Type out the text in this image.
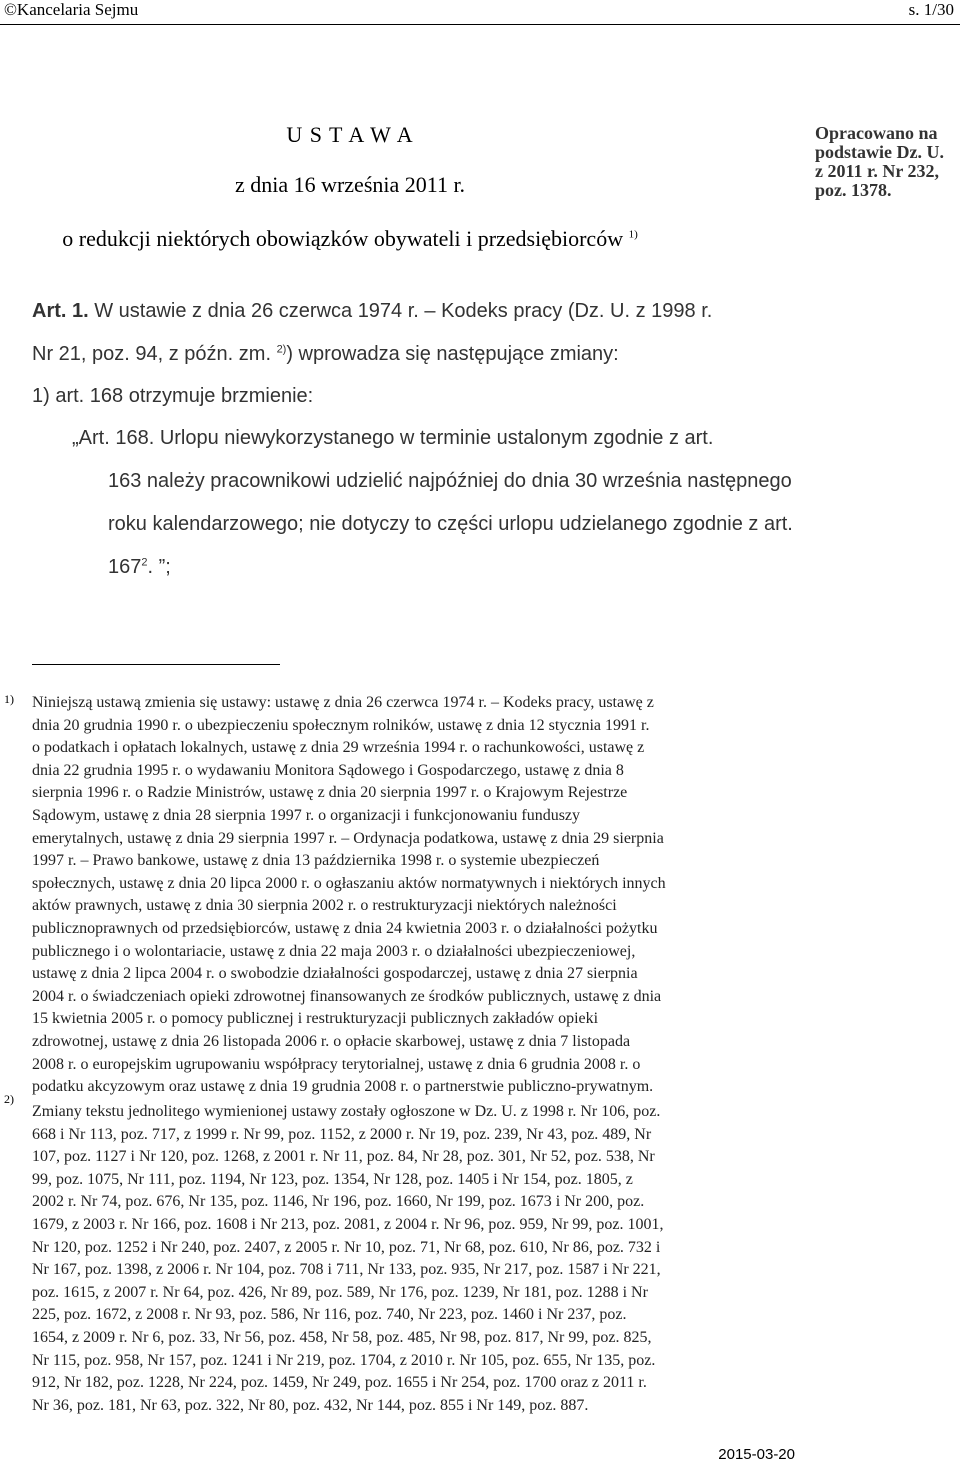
©Kancelaria Sejmu	s. 1/30
U S T A W A
z dnia 16 września 2011 r.
o redukcji niektórych obowiązków obywateli i przedsiębiorców $^{1)}$
Opracowano na
podstawie Dz. U.
z 2011 r. Nr 232,
poz. 1378.
Art. 1. W ustawie z dnia 26 czerwca 1974 r. – Kodeks pracy (Dz. U. z 1998 r.
Nr 21, poz. 94, z późn. zm. $^{2)}$) wprowadza się następujące zmiany:
1) art. 168 otrzymuje brzmienie:
„Art. 168. Urlopu niewykorzystanego w terminie ustalonym zgodnie z art.
163 należy pracownikowi udzielić najpóźniej do dnia 30 września następnego
roku kalendarzowego; nie dotyczy to części urlopu udzielanego zgodnie z art.
$167^2$. ”;
1) Niniejszą ustawą zmienia się ustawy: ustawę z dnia 26 czerwca 1974 r. – Kodeks pracy, ustawę z
dnia 20 grudnia 1990 r. o ubezpieczeniu społecznym rolników, ustawę z dnia 12 stycznia 1991 r.
o podatkach i opłatach lokalnych, ustawę z dnia 29 września 1994 r. o rachunkowości, ustawę z
dnia 22 grudnia 1995 r. o wydawaniu Monitora Sądowego i Gospodarczego, ustawę z dnia 8
sierpnia 1996 r. o Radzie Ministrów, ustawę z dnia 20 sierpnia 1997 r. o Krajowym Rejestrze
Sądowym, ustawę z dnia 28 sierpnia 1997 r. o organizacji i funkcjonowaniu funduszy
emerytalnych, ustawę z dnia 29 sierpnia 1997 r. – Ordynacja podatkowa, ustawę z dnia 29 sierpnia
1997 r. – Prawo bankowe, ustawę z dnia 13 października 1998 r. o systemie ubezpieczeń
społecznych, ustawę z dnia 20 lipca 2000 r. o ogłaszaniu aktów normatywnych i niektórych innych
aktów prawnych, ustawę z dnia 30 sierpnia 2002 r. o restrukturyzacji niektórych należności
publicznoprawnych od przedsiębiorców, ustawę z dnia 24 kwietnia 2003 r. o działalności pożytku
publicznego i o wolontariacie, ustawę z dnia 22 maja 2003 r. o działalności ubezpieczeniowej,
ustawę z dnia 2 lipca 2004 r. o swobodzie działalności gospodarczej, ustawę z dnia 27 sierpnia
2004 r. o świadczeniach opieki zdrowotnej finansowanych ze środków publicznych, ustawę z dnia
15 kwietnia 2005 r. o pomocy publicznej i restrukturyzacji publicznych zakładów opieki
zdrowotnej, ustawę z dnia 26 listopada 2006 r. o opłacie skarbowej, ustawę z dnia 7 listopada
2008 r. o europejskim ugrupowaniu współpracy terytorialnej, ustawę z dnia 6 grudnia 2008 r. o
podatku akcyzowym oraz ustawę z dnia 19 grudnia 2008 r. o partnerstwie publiczno-prywatnym.
2)
Zmiany tekstu jednolitego wymienionej ustawy zostały ogłoszone w Dz. U. z 1998 r. Nr 106, poz.
668 i Nr 113, poz. 717, z 1999 r. Nr 99, poz. 1152, z 2000 r. Nr 19, poz. 239, Nr 43, poz. 489, Nr
107, poz. 1127 i Nr 120, poz. 1268, z 2001 r. Nr 11, poz. 84, Nr 28, poz. 301, Nr 52, poz. 538, Nr
99, poz. 1075, Nr 111, poz. 1194, Nr 123, poz. 1354, Nr 128, poz. 1405 i Nr 154, poz. 1805, z
2002 r. Nr 74, poz. 676, Nr 135, poz. 1146, Nr 196, poz. 1660, Nr 199, poz. 1673 i Nr 200, poz.
1679, z 2003 r. Nr 166, poz. 1608 i Nr 213, poz. 2081, z 2004 r. Nr 96, poz. 959, Nr 99, poz. 1001,
Nr 120, poz. 1252 i Nr 240, poz. 2407, z 2005 r. Nr 10, poz. 71, Nr 68, poz. 610, Nr 86, poz. 732 i
Nr 167, poz. 1398, z 2006 r. Nr 104, poz. 708 i 711, Nr 133, poz. 935, Nr 217, poz. 1587 i Nr 221,
poz. 1615, z 2007 r. Nr 64, poz. 426, Nr 89, poz. 589, Nr 176, poz. 1239, Nr 181, poz. 1288 i Nr
225, poz. 1672, z 2008 r. Nr 93, poz. 586, Nr 116, poz. 740, Nr 223, poz. 1460 i Nr 237, poz.
1654, z 2009 r. Nr 6, poz. 33, Nr 56, poz. 458, Nr 58, poz. 485, Nr 98, poz. 817, Nr 99, poz. 825,
Nr 115, poz. 958, Nr 157, poz. 1241 i Nr 219, poz. 1704, z 2010 r. Nr 105, poz. 655, Nr 135, poz.
912, Nr 182, poz. 1228, Nr 224, poz. 1459, Nr 249, poz. 1655 i Nr 254, poz. 1700 oraz z 2011 r.
Nr 36, poz. 181, Nr 63, poz. 322, Nr 80, poz. 432, Nr 144, poz. 855 i Nr 149, poz. 887.
2015-03-20
